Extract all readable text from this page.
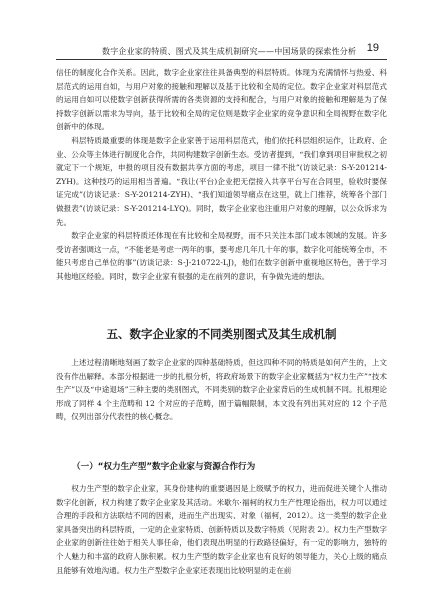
数字企业家的特质、图式及其生成机制研究——中国场景的探索性分析 19

信任的制度化合作关系。因此，数字企业家往往具备典型的科层特质。体现为充满情怀与热爱、科层范式的运用自如，与用户对象的接触和理解以及基于比较和全局的定位。数字企业家对科层范式的运用自如可以使数字创新获得所需的各类资源的支持和配合，与用户对象的接触和理解是为了保持数字创新以需求为导向，基于比较和全局的定位则是数字企业家的竞争意识和全局视野在数字化创新中的体现。

科层特质最重要的体现是数字企业家善于运用科层范式，他们依托科层组织运作，让政府、企业、公众等主体进行制度化合作，共同构建数字创新生态。受访者提到，“我们拿到项目审批权之初就定下一个规矩，申报的项目没有数据共享方面的考虑，项目一律不批”(访谈记录：S-Y-201214-ZYH)。这种技巧的运用相当普遍。“我让(平台)企业把无偿接入共享平台写在合同里，验收时要保证完成”(访谈记录：S-Y-201214-ZYH)、“我们知道领导痛点在这里，就上门推荐，统筹各个部门做报表”(访谈记录：S-Y-201214-LYQ)。同时，数字企业家也注重用户对象的理解，以公众诉求为先。

数字企业家的科层特质还体现在有比较和全局视野，而不只关注本部门或本领域的发展。许多受访者强调这一点，“不能老是考虑一两年的事，要考虑几年几十年的事，数字化可能统筹全市，不能只考虑自己单位的事”(访谈记录：S-J-210722-LJ)，他们在数字创新中重视地区特色，善于学习其他地区经验。同时，数字企业家有很强的走在前列的意识，有争做先进的想法。

五、数字企业家的不同类别图式及其生成机制

上述过程清晰地刻画了数字企业家的四种基础特质，但这四种不同的特质是如何产生的，上文没有作出解释。本部分根据进一步的扎根分析，将政府场景下的数字企业家概括为“权力生产”“技术生产”以及“中途退场”三种主要的类别图式，不同类别的数字企业家背后的生成机制不同。扎根理论形成了同样 4 个主范畴和 12 个对应的子范畴，囿于篇幅限制，本文没有列出其对应的 12 个子范畴，仅列出部分代表性的核心概念。

（一）“权力生产型”数字企业家与资源合作行为

权力生产型的数字企业家，其身份建构的重要遇因是上级赋予的权力，进而促进关键个人推动数字化创新，权力构建了数字企业家及其活动。米歇尔·福柯的权力生产性理论指出，权力可以通过合理的手段和方法联结不同的因素，进而生产出现实、对象（福柯，2012）。这一类型的数字企业家具备突出的科层特质，一定的企业家特质、创新特质以及数字特质（见附表 2）。权力生产型数字企业家的创新往往始于相关人事任命，他们表现出明显的行政路径偏好，有一定的影响力，独特的个人魅力和丰富的政府人脉积累。权力生产型的数字企业家也有良好的领导能力，关心上级的痛点且能够有效地沟通。权力生产型数字企业家还表现出比较明显的走在前
